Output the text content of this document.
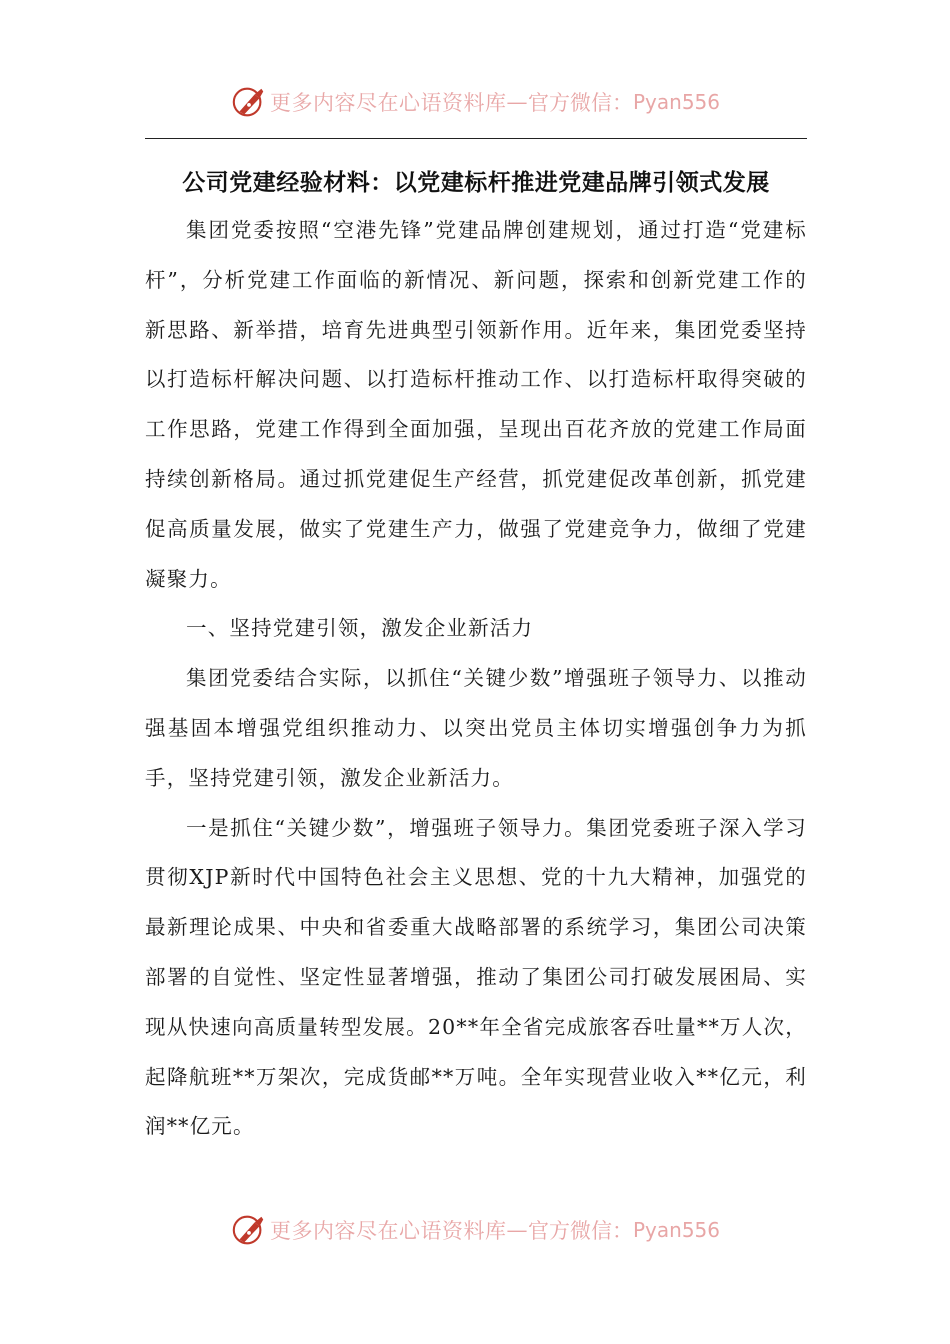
更多内容尽在心语资料库 — 官方微信： Pyan556
公司党建经验材料：以党建标杆推进党建品牌引领式发展

集团党委按照“空港先锋”党建品牌创建规划，通过打造“党建标杆”，分析党建工作面临的新情况、新问题，探索和创新党建工作的新思路、新举措，培育先进典型引领新作用。近年来，集团党委坚持以打造标杆解决问题、以打造标杆推动工作、以打造标杆取得突破的工作思路，党建工作得到全面加强，呈现出百花齐放的党建工作局面持续创新格局。通过抓党建促生产经营，抓党建促改革创新，抓党建促高质量发展，做实了党建生产力，做强了党建竞争力，做细了党建凝聚力。

一、坚持党建引领，激发企业新活力

集团党委结合实际，以抓住“关键少数”增强班子领导力、以推动强基固本增强党组织推动力、以突出党员主体切实增强创争力为抓手，坚持党建引领，激发企业新活力。

一是抓住“关键少数”，增强班子领导力。集团党委班子深入学习贯彻XJP新时代中国特色社会主义思想、党的十九大精神，加强党的最新理论成果、中央和省委重大战略部署的系统学习，集团公司决策部署的自觉性、坚定性显著增强，推动了集团公司打破发展困局、实现从快速向高质量转型发展。20**年全省完成旅客吞吐量**万人次，起降航班**万架次，完成货邮**万吨。全年实现营业收入**亿元，利润**亿元。

更多内容尽在心语资料库 — 官方微信： Pyan556
